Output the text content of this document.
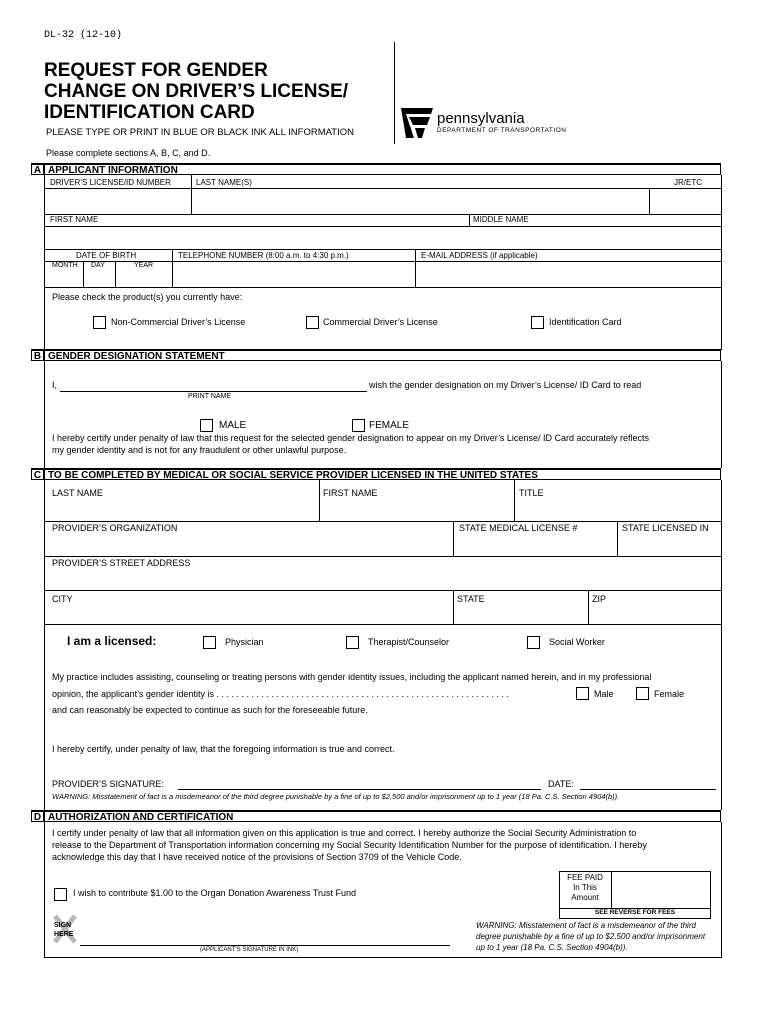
DL-32 (12-10)
REQUEST FOR GENDER
CHANGE ON DRIVER’S LICENSE/
IDENTIFICATION CARD
PLEASE TYPE OR PRINT IN BLUE OR BLACK INK ALL INFORMATION
pennsylvania
DEPARTMENT OF TRANSPORTATION
Please complete sections A, B, C, and D.
A APPLICANT INFORMATION
DRIVER’S LICENSE/ID NUMBER	LAST NAME(S)	JR/ETC
FIRST NAME	MIDDLE NAME
DATE OF BIRTH	TELEPHONE NUMBER (8:00 a.m. to 4:30 p.m.)	E-MAIL ADDRESS (if applicable)
MONTH DAY	YEAR
Please check the product(s) you currently have:
Non-Commercial Driver’s License	Commercial Driver’s License	Identification Card
B GENDER DESIGNATION STATEMENT
I,	wish the gender designation on my Driver’s License/ ID Card to read
PRINT NAME
MALE	FEMALE
I hereby certify under penalty of law that this request for the selected gender designation to appear on my Driver’s License/ ID Card accurately reflects
my gender identity and is not for any fraudulent or other unlawful purpose.
C TO BE COMPLETED BY MEDICAL OR SOCIAL SERVICE PROVIDER LICENSED IN THE UNITED STATES
LAST NAME	FIRST NAME	TITLE
PROVIDER’S ORGANIZATION	STATE MEDICAL LICENSE #	STATE LICENSED IN
PROVIDER’S STREET ADDRESS
CITY	STATE	ZIP
I am a licensed:	Physician	Therapist/Counselor	Social Worker
My practice includes assisting, counseling or treating persons with gender identity issues, including the applicant named herein, and in my professional
opinion, the applicant’s gender identity is . . . . . . . . . . . . . . . . . . . . . . . . . . . . . . . . . . . . . . . . . . . . . . . . . . . . . . . . . . .	Male	Female
and can reasonably be expected to continue as such for the foreseeable future.
I hereby certify, under penalty of law, that the foregoing information is true and correct.
PROVIDER’S SIGNATURE:	DATE:
WARNING: Misstatement of fact is a misdemeanor of the third degree punishable by a fine of up to $2,500 and/or imprisonment up to 1 year (18 Pa. C.S. Section 4904(b)).
D AUTHORIZATION AND CERTIFICATION
I certify under penalty of law that all information given on this application is true and correct. I hereby authorize the Social Security Administration to
release to the Department of Transportation information concerning my Social Security Identification Number for the purpose of identification. I hereby
acknowledge this day that I have received notice of the provisions of Section 3709 of the Vehicle Code.
I wish to contribute $1.00 to the Organ Donation Awareness Trust Fund
FEE PAID
In This
Amount
SEE REVERSE FOR FEES
SIGN
HERE
(APPLICANT’S SIGNATURE IN INK)
WARNING: Misstatement of fact is a misdemeanor of the third
degree punishable by a fine of up to $2,500 and/or imprisonment
up to 1 year (18 Pa. C.S. Section 4904(b)).
